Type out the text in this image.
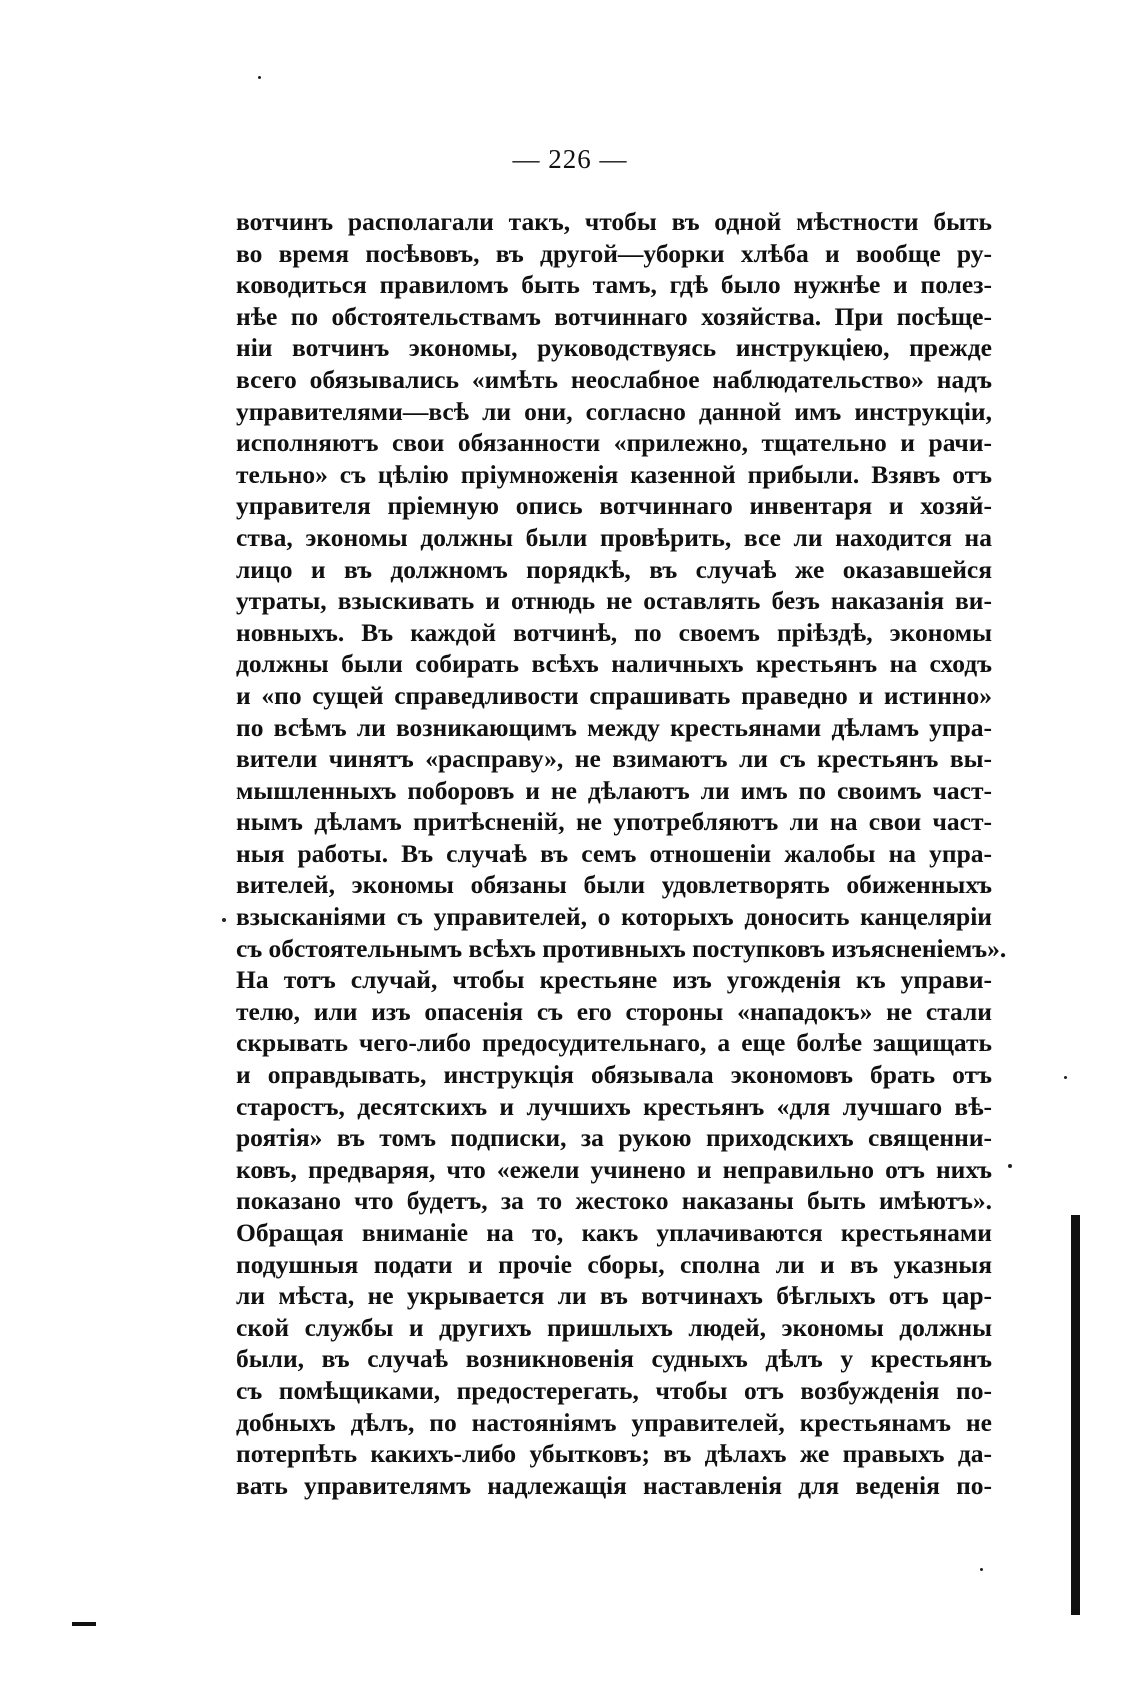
— 226 —
вотчинъ располагали такъ, чтобы въ одной мѣстности быть
во время посѣвовъ, въ другой—уборки хлѣба и вообще ру-
ководиться правиломъ быть тамъ, гдѣ было нужнѣе и полез-
нѣе по обстоятельствамъ вотчиннаго хозяйства. При посѣще-
ніи вотчинъ экономы, руководствуясь инструкціею, прежде
всего обязывались «имѣть неослабное наблюдательство» надъ
управителями—всѣ ли они, согласно данной имъ инструкціи,
исполняютъ свои обязанности «прилежно, тщательно и рачи-
тельно» съ цѣлію пріумноженія казенной прибыли. Взявъ отъ
управителя пріемную опись вотчиннаго инвентаря и хозяй-
ства, экономы должны были провѣрить, все ли находится на
лицо и въ должномъ порядкѣ, въ случаѣ же оказавшейся
утраты, взыскивать и отнюдь не оставлять безъ наказанія ви-
новныхъ. Въ каждой вотчинѣ, по своемъ пріѣздѣ, экономы
должны были собирать всѣхъ наличныхъ крестьянъ на сходъ
и «по сущей справедливости спрашивать праведно и истинно»
по всѣмъ ли возникающимъ между крестьянами дѣламъ упра-
вители чинятъ «расправу», не взимаютъ ли съ крестьянъ вы-
мышленныхъ поборовъ и не дѣлаютъ ли имъ по своимъ част-
нымъ дѣламъ притѣсненій, не употребляютъ ли на свои част-
ныя работы. Въ случаѣ въ семъ отношеніи жалобы на упра-
вителей, экономы обязаны были удовлетворять обиженныхъ
взысканіями съ управителей, о которыхъ доносить канцеляріи
съ обстоятельнымъ всѣхъ противныхъ поступковъ изъясненіемъ».
На тотъ случай, чтобы крестьяне изъ угожденія къ управи-
телю, или изъ опасенія съ его стороны «нападокъ» не стали
скрывать чего-либо предосудительнаго, а еще болѣе защищать
и оправдывать, инструкція обязывала экономовъ брать отъ
старостъ, десятскихъ и лучшихъ крестьянъ «для лучшаго вѣ-
роятія» въ томъ подписки, за рукою приходскихъ священни-
ковъ, предваряя, что «ежели учинено и неправильно отъ нихъ
показано что будетъ, за то жестоко наказаны быть имѣютъ».
Обращая вниманіе на то, какъ уплачиваются крестьянами
подушныя подати и прочіе сборы, сполна ли и въ указныя
ли мѣста, не укрывается ли въ вотчинахъ бѣглыхъ отъ цар-
ской службы и другихъ пришлыхъ людей, экономы должны
были, въ случаѣ возникновенія судныхъ дѣлъ у крестьянъ
съ помѣщиками, предостерегать, чтобы отъ возбужденія по-
добныхъ дѣлъ, по настояніямъ управителей, крестьянамъ не
потерпѣть какихъ-либо убытковъ; въ дѣлахъ же правыхъ да-
вать управителямъ надлежащія наставленія для веденія по-
